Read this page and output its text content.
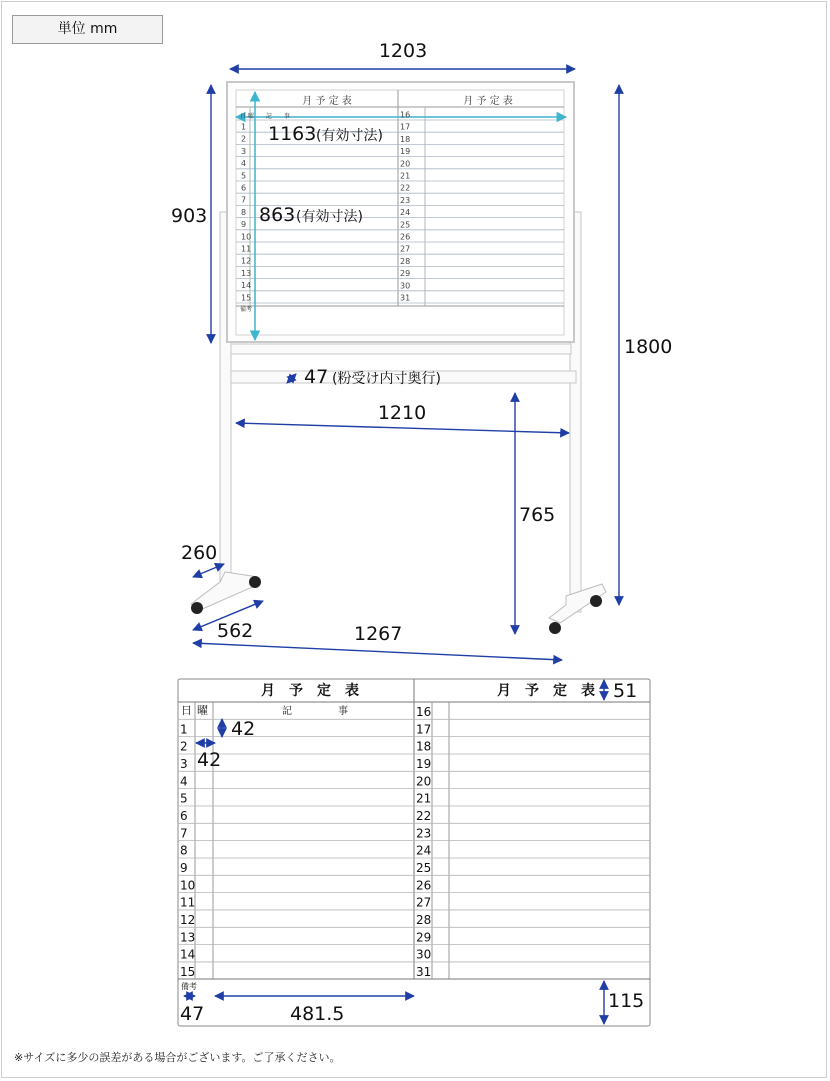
単位 mm
月 予 定 表	月 予 定 表
日 曜　　記　　事
備考
1
2
3
4
5
6
7
8
9
10
11
12
13
14
15
16
17
18
19
20
21
22
23
24
25
26
27
28
29
30
31
1203
903
1800
1163 (有効寸法)
863 (有効寸法)
47 (粉受け内寸奥行)
1210
765
260
562	1267
月　予　定　表	月　予　定　表
日 曜	記	事
備考
1
2
3
4
5
6
7
8
9
10
11
12
13
14
15
16
17
18
19
20
21
22
23
24
25
26
27
28
29
30
31
51
42
42
47	481.5
115
※サイズに多少の誤差がある場合がございます。ご了承ください。
